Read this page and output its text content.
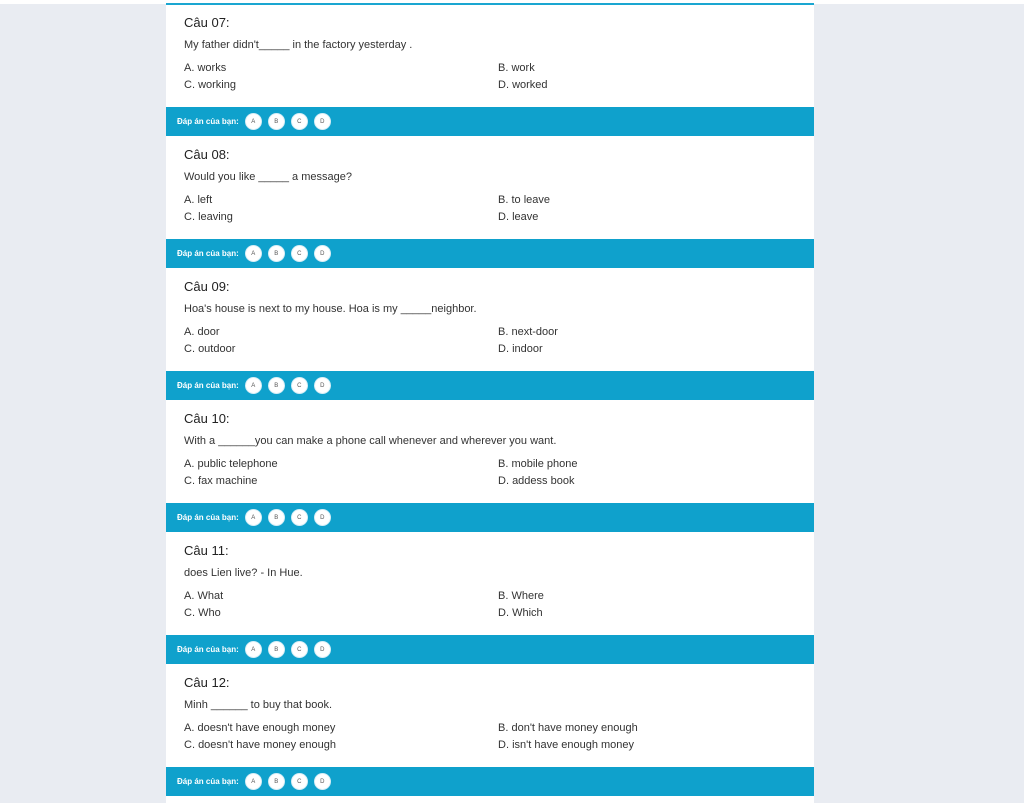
Câu 07:
My father didn't_____ in the factory yesterday .
A. works	B. work
C. working	D. worked
Đáp án của bạn:	A	B	C	D
Câu 08:
Would you like _____ a message?
A. left	B. to leave
C. leaving	D. leave
Đáp án của bạn:	A	B	C	D
Câu 09:
Hoa's house is next to my house. Hoa is my _____neighbor.
A. door	B. next-door
C. outdoor	D. indoor
Đáp án của bạn:	A	B	C	D
Câu 10:
With a ______you can make a phone call whenever and wherever you want.
A. public telephone	B. mobile phone
C. fax machine	D. addess book
Đáp án của bạn:	A	B	C	D
Câu 11:
does Lien live? - In Hue.
A. What	B. Where
C. Who	D. Which
Đáp án của bạn:	A	B	C	D
Câu 12:
Minh ______ to buy that book.
A. doesn't have enough money	B. don't have money enough
C. doesn't have money enough	D. isn't have enough money
Đáp án của bạn:	A	B	C	D
